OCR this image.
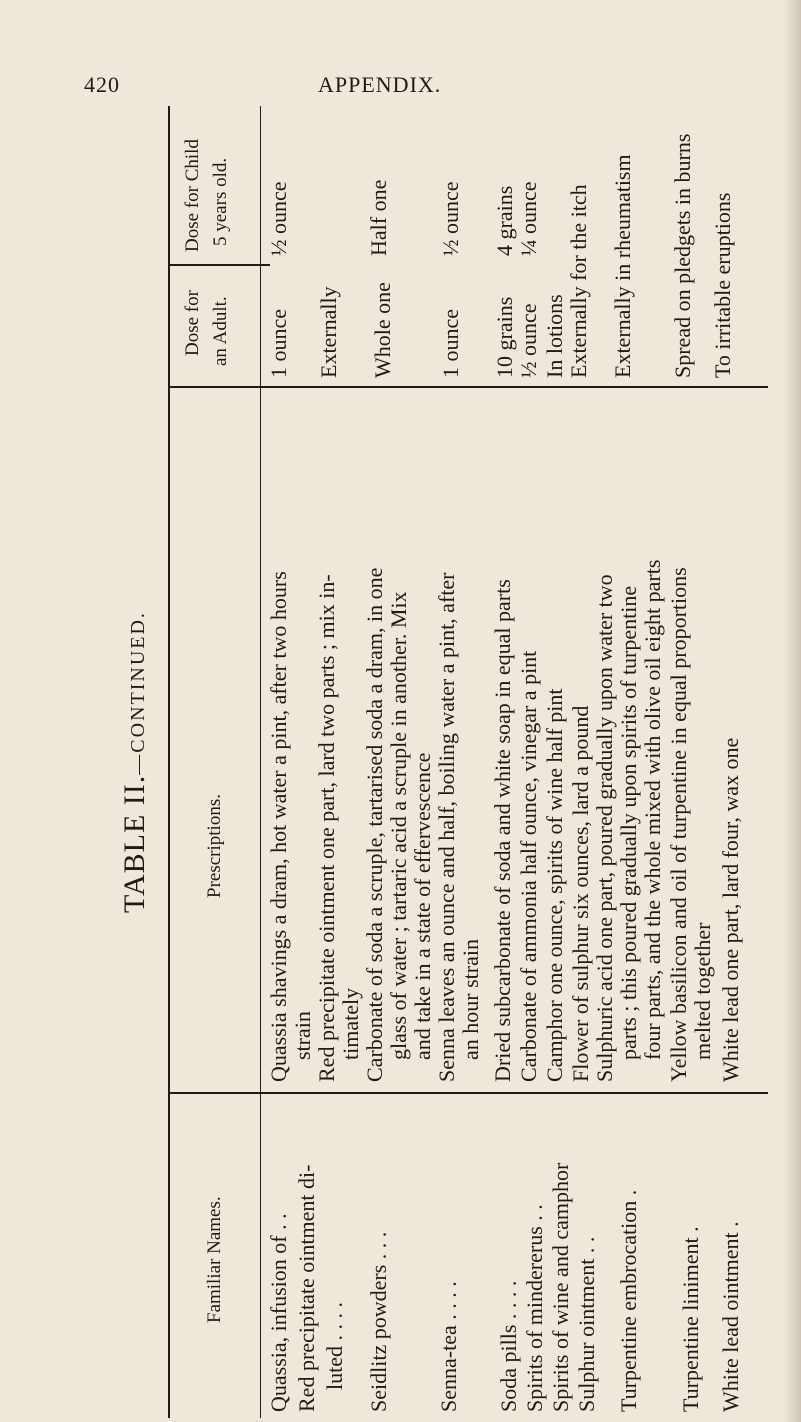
420	APPENDIX.
TABLE II.—CONTINUED.
Familiar Names.
Prescriptions.
Dose for an Adult.
Dose for Child 5 years old.
Quassia, infusion of . . Red precipitate ointment di- luted . . . . Seidlitz powders . . . Senna-tea . . . . Soda pills . . . . Spirits of mindererus . . Spirits of wine and camphor Sulphur ointment . . Turpentine embrocation . Turpentine liniment . White lead ointment .
Quassia shavings a dram, hot water a pint, after two hours strain Red precipitate ointment one part, lard two parts ; mix in- timately Carbonate of soda a scruple, tartarised soda a dram, in one glass of water ; tartaric acid a scruple in another. Mix and take in a state of effervescence Senna leaves an ounce and half, boiling water a pint, after an hour strain Dried subcarbonate of soda and white soap in equal parts Carbonate of ammonia half ounce, vinegar a pint Camphor one ounce, spirits of wine half pint Flower of sulphur six ounces, lard a pound Sulphuric acid one part, poured gradually upon water two parts ; this poured gradually upon spirits of turpentine four parts, and the whole mixed with olive oil eight parts Yellow basilicon and oil of turpentine in equal proportions melted together White lead one part, lard four, wax one
1 ounce Externally Whole one 1 ounce 10 grains ½ ounce In lotions Externally for the itch Externally in rheumatism Spread on pledgets in burns To irritable eruptions
½ ounce	Half one ½ ounce 4 grains ¼ ounce
